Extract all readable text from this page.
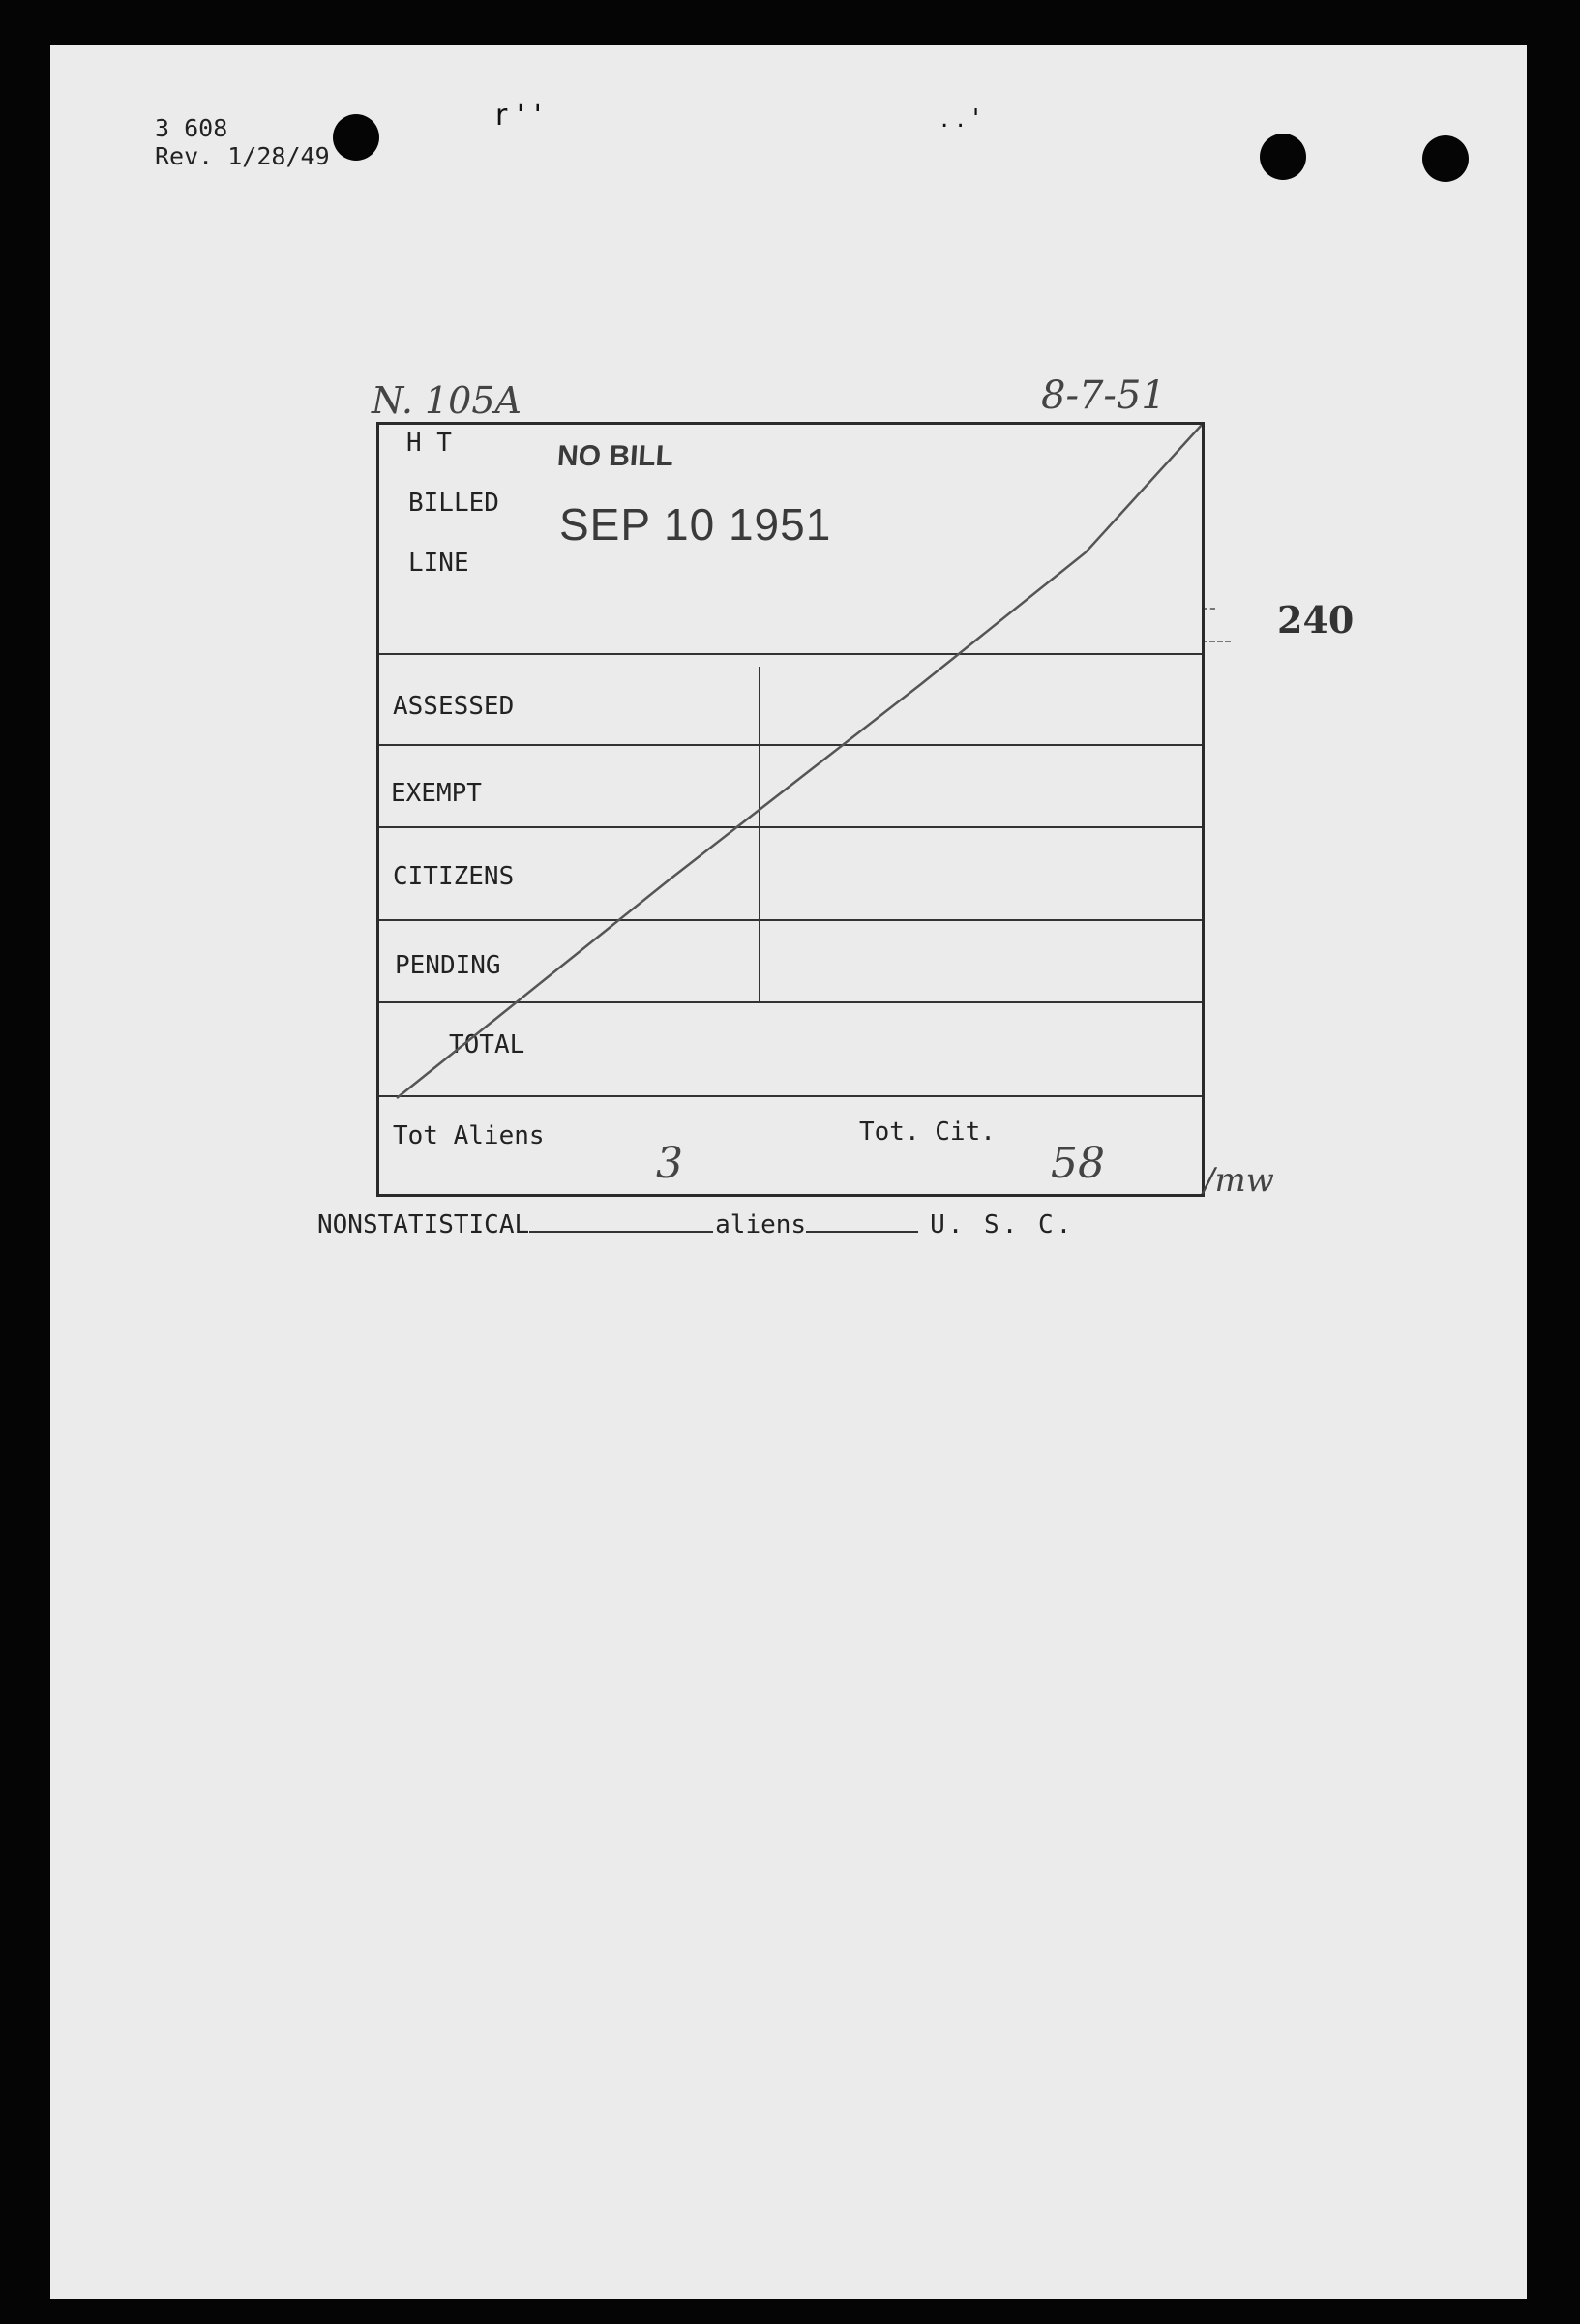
3 608
Rev. 1/28/49
r ' '	. . '
N. 105A	8-7-51
240
H T
BILLED
LINE
NO BILL
SEP 10 1951
ASSESSED
EXEMPT
CITIZENS
PENDING
TOTAL
Tot Aliens	Tot. Cit.
3	58	/mw
NONSTATISTICAL	aliens	U. S. C.
